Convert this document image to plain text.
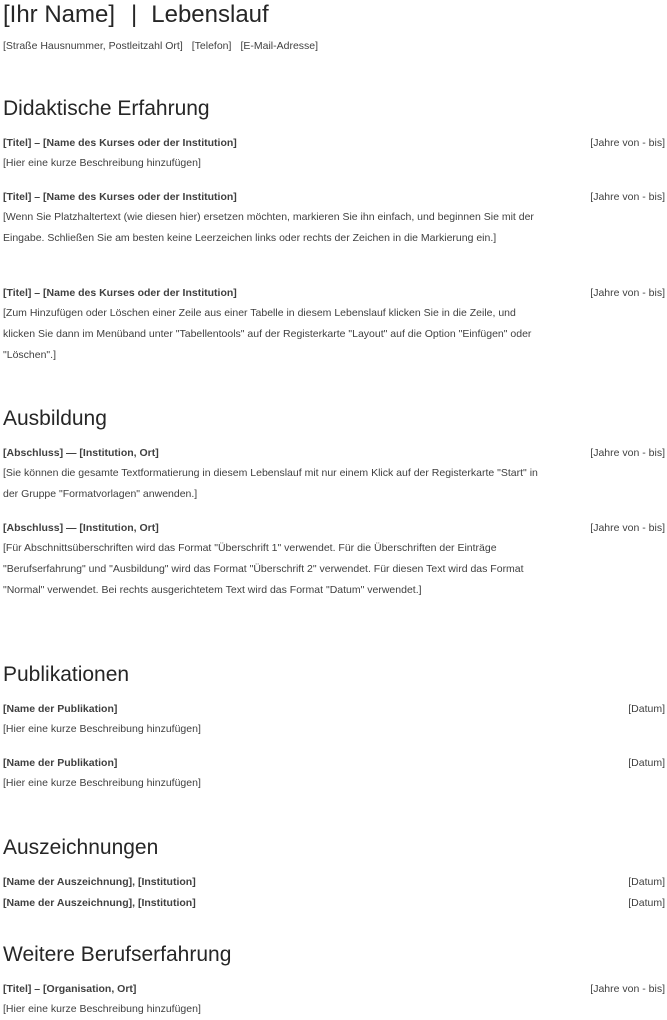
[Ihr Name] | Lebenslauf
[Straße Hausnummer, Postleitzahl Ort] [Telefon] [E-Mail-Adresse]
Didaktische Erfahrung
[Titel] – [Name des Kurses oder der Institution]	[Jahre von - bis]
[Hier eine kurze Beschreibung hinzufügen]
[Titel] – [Name des Kurses oder der Institution]	[Jahre von - bis]
[Wenn Sie Platzhaltertext (wie diesen hier) ersetzen möchten, markieren Sie ihn einfach, und beginnen Sie mit der Eingabe. Schließen Sie am besten keine Leerzeichen links oder rechts der Zeichen in die Markierung ein.]
[Titel] – [Name des Kurses oder der Institution]	[Jahre von - bis]
[Zum Hinzufügen oder Löschen einer Zeile aus einer Tabelle in diesem Lebenslauf klicken Sie in die Zeile, und klicken Sie dann im Menüband unter "Tabellentools" auf der Registerkarte "Layout" auf die Option "Einfügen" oder "Löschen".]
Ausbildung
[Abschluss] — [Institution, Ort]	[Jahre von - bis]
[Sie können die gesamte Textformatierung in diesem Lebenslauf mit nur einem Klick auf der Registerkarte "Start" in der Gruppe "Formatvorlagen" anwenden.]
[Abschluss] — [Institution, Ort]	[Jahre von - bis]
[Für Abschnittsüberschriften wird das Format "Überschrift 1" verwendet. Für die Überschriften der Einträge "Berufserfahrung" und "Ausbildung" wird das Format "Überschrift 2" verwendet. Für diesen Text wird das Format "Normal" verwendet. Bei rechts ausgerichtetem Text wird das Format "Datum" verwendet.]
Publikationen
[Name der Publikation]	[Datum]
[Hier eine kurze Beschreibung hinzufügen]
[Name der Publikation]	[Datum]
[Hier eine kurze Beschreibung hinzufügen]
Auszeichnungen
[Name der Auszeichnung], [Institution]	[Datum]
[Name der Auszeichnung], [Institution]	[Datum]
Weitere Berufserfahrung
[Titel] – [Organisation, Ort]	[Jahre von - bis]
[Hier eine kurze Beschreibung hinzufügen]
